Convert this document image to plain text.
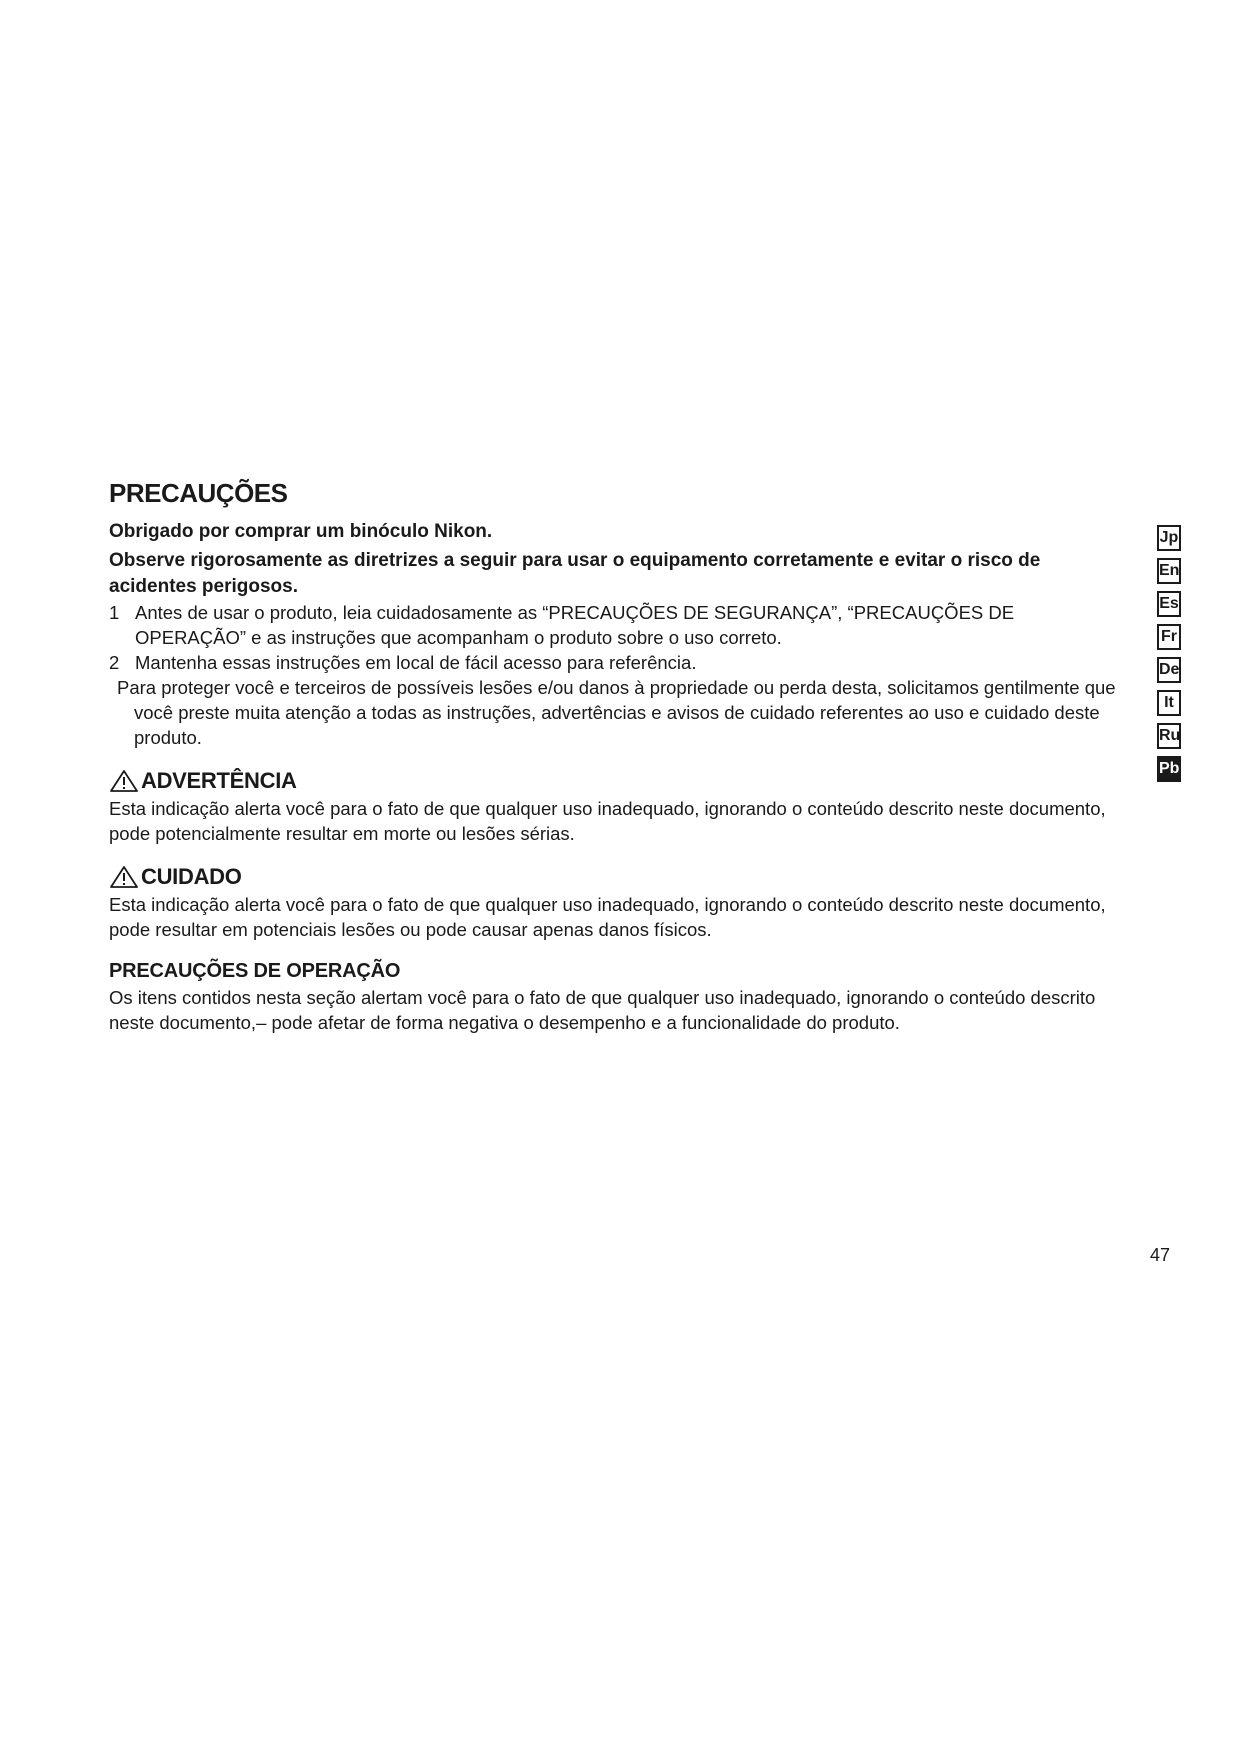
PRECAUÇÕES

Obrigado por comprar um binóculo Nikon.

Observe rigorosamente as diretrizes a seguir para usar o equipamento corretamente e evitar o risco de acidentes perigosos.

1 Antes de usar o produto, leia cuidadosamente as “PRECAUÇÕES DE SEGURANÇA”, “PRECAUÇÕES DE OPERAÇÃO” e as instruções que acompanham o produto sobre o uso correto.
2 Mantenha essas instruções em local de fácil acesso para referência.

Para proteger você e terceiros de possíveis lesões e/ou danos à propriedade ou perda desta, solicitamos gentilmente que você preste muita atenção a todas as instruções, advertências e avisos de cuidado referentes ao uso e cuidado deste produto.

ADVERTÊNCIA

Esta indicação alerta você para o fato de que qualquer uso inadequado, ignorando o conteúdo descrito neste documento, pode potencialmente resultar em morte ou lesões sérias.

CUIDADO

Esta indicação alerta você para o fato de que qualquer uso inadequado, ignorando o conteúdo descrito neste documento, pode resultar em potenciais lesões ou pode causar apenas danos físicos.

PRECAUÇÕES DE OPERAÇÃO

Os itens contidos nesta seção alertam você para o fato de que qualquer uso inadequado, ignorando o conteúdo descrito neste documento,– pode afetar de forma negativa o desempenho e a funcionalidade do produto.

Jp
En
Es
Fr
De
It
Ru
Pb
47
